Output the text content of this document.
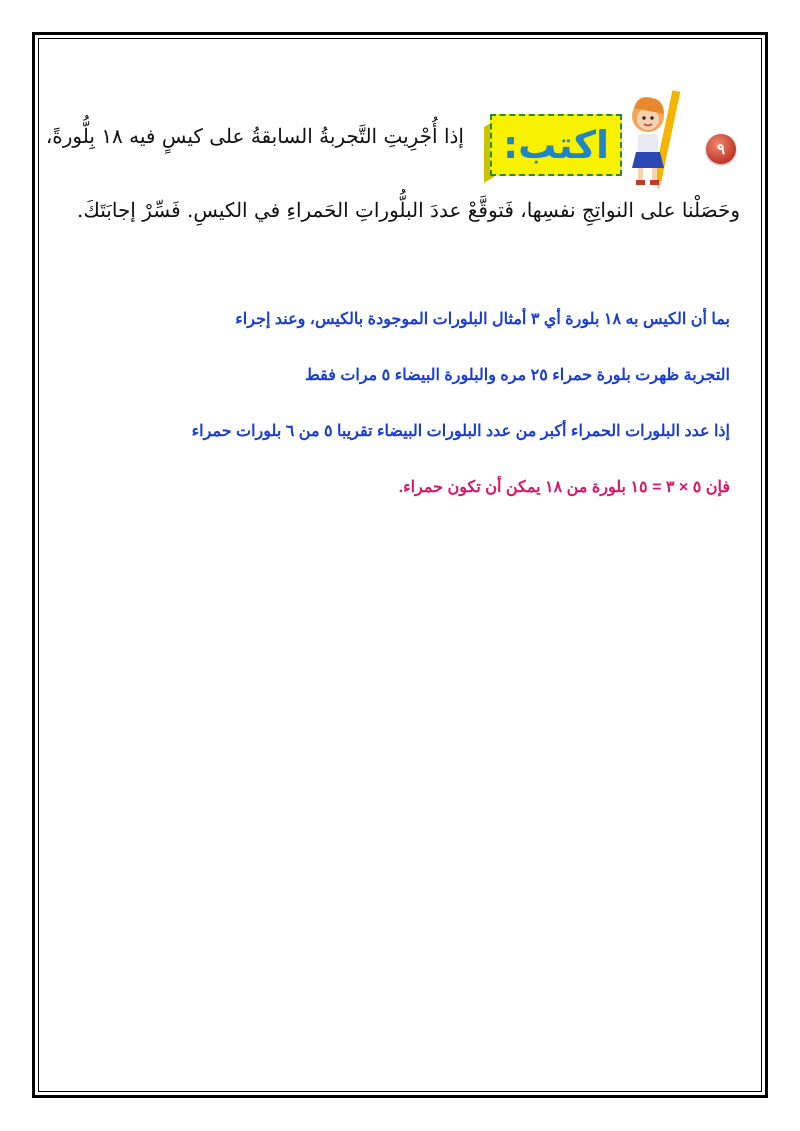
٩
اكتب:
إذا أُجْرِيتِ التَّجربةُ السابقةُ على كيسٍ فيه ١٨ بِلُّورةً،
وحَصَلْنا على النواتِجِ نفسِها، فَتوقَّعْ عددَ البلُّوراتِ الحَمراءِ في الكيسِ. فَسِّرْ إجابَتَكَ.
بما أن الكيس به ١٨ بلورة أي ٣ أمثال البلورات الموجودة بالكيس، وعند إجراء
التجربة ظهرت بلورة حمراء ٢٥ مره والبلورة البيضاء ٥ مرات فقط
إذا عدد البلورات الحمراء أكبر من عدد البلورات البيضاء تقريبا ٥ من ٦ بلورات حمراء
فإن ٥ × ٣ = ١٥ بلورة من ١٨ يمكن أن تكون حمراء.
